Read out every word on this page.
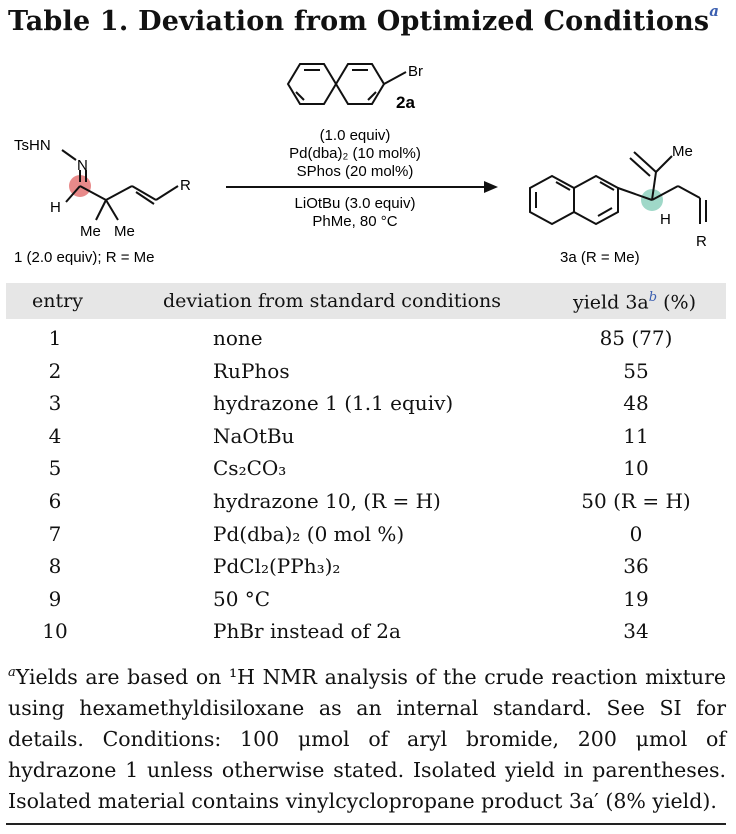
Table 1. Deviation from Optimized Conditions$^a$
Br
2a
(1.0 equiv)
Pd(dba)₂ (10 mol%)
SPhos (20 mol%)
LiOtBu (3.0 equiv)
PhMe, 80 °C
TsHN
N
H
R
Me Me
1 (2.0 equiv); R = Me
Me
H
R
3a (R = Me)
entry	deviation from standard conditions	yield $3a^b$ (%)
1	none	85 (77)
2	RuPhos	55
3	hydrazone 1 (1.1 equiv)	48
4	NaOtBu	11
5	Cs₂CO₃	10
6	hydrazone 10, (R = H)	50 (R = H)
7	Pd(dba)₂ (0 mol %)	0
8	PdCl₂(PPh₃)₂	36
9	50 °C	19
10	PhBr instead of 2a	34
$^a$Yields are based on ¹H NMR analysis of the crude reaction mixture using hexamethyldisiloxane as an internal standard. See SI for details. Conditions: 100 μmol of aryl bromide, 200 μmol of hydrazone 1 unless otherwise stated. Isolated yield in parentheses. Isolated material contains vinylcyclopropane product 3a′ (8% yield).
